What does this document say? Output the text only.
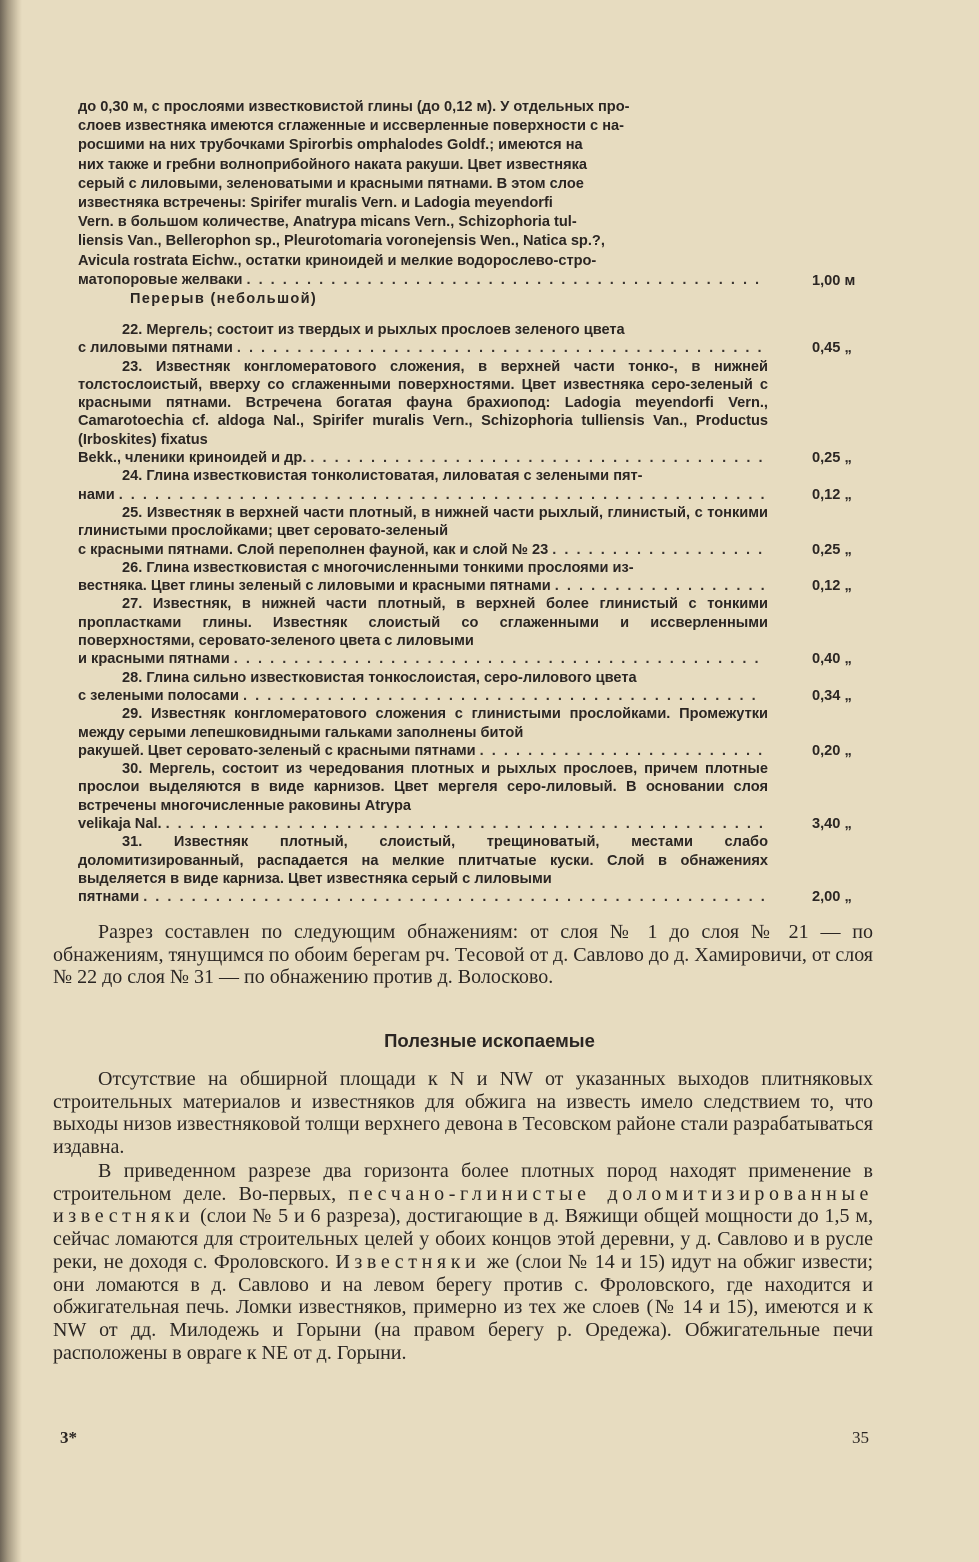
до 0,30 м, с прослоями известковистой глины (до 0,12 м). У отдельных про-

слоев известняка имеются сглаженные и иссверленные поверхности с на-

росшими на них трубочками Spirorbis omphalodes Goldf.; имеются на

них также и гребни волноприбойного наката ракуши. Цвет известняка

серый с лиловыми, зеленоватыми и красными пятнами. В этом слое

известняка встречены: Spirifer muralis Vern. и Ladogia meyendorfi

Vern. в большом количестве, Anatrypa micans Vern., Schizophoria tul-

liensis Van., Bellerophon sp., Pleurotomaria voronejensis Wen., Natica sp.?,

Avicula rostrata Eichw., остатки криноидей и мелкие водорослево-стро-

матопоровые желваки . . .	1,00 м
Перерыв (небольшой)

22. Мергель; состоит из твердых и рыхлых прослоев зеленого цвета

с лиловыми пятнами . . .	0,45 „

23. Известняк конгломератового сложения, в верхней части тонко-, в нижней толстослоистый, вверху со сглаженными поверхностями. Цвет известняка серо-зеленый с красными пятнами. Встречена богатая фауна брахиопод: Ladogia meyendorfi Vern., Camarotoechia cf. aldoga Nal., Spirifer muralis Vern., Schizophoria tulliensis Van., Productus (Irboskites) fixatus

Bekk., членики криноидей и др. . . .	0,25 „

24. Глина известковистая тонколистоватая, лиловатая с зелеными пят-

нами . . .	0,12 „

25. Известняк в верхней части плотный, в нижней части рыхлый, глинистый, с тонкими глинистыми прослойками; цвет серовато-зеленый

с красными пятнами. Слой переполнен фауной, как и слой № 23 . . .	0,25 „

26. Глина известковистая с многочисленными тонкими прослоями из-

вестняка. Цвет глины зеленый с лиловыми и красными пятнами . . .	0,12 „

27. Известняк, в нижней части плотный, в верхней более глинистый с тонкими пропластками глины. Известняк слоистый со сглаженными и иссверленными поверхностями, серовато-зеленого цвета с лиловыми

и красными пятнами . . .	0,40 „

28. Глина сильно известковистая тонкослоистая, серо-лилового цвета

с зелеными полосами . . .	0,34 „

29. Известняк конгломератового сложения с глинистыми прослойками. Промежутки между серыми лепешковидными гальками заполнены битой

ракушей. Цвет серовато-зеленый с красными пятнами . . .	0,20 „

30. Мергель, состоит из чередования плотных и рыхлых прослоев, причем плотные прослои выделяются в виде карнизов. Цвет мергеля серо-лиловый. В основании слоя встречены многочисленные раковины Atrypa

velikaja Nal. . . .	3,40 „

31. Известняк плотный, слоистый, трещиноватый, местами слабо доломитизированный, распадается на мелкие плитчатые куски. Слой в обнажениях выделяется в виде карниза. Цвет известняка серый с лиловыми

пятнами . . .	2,00 „

Разрез составлен по следующим обнажениям: от слоя № 1 до слоя № 21 — по обнажениям, тянущимся по обоим берегам рч. Тесовой от д. Савлово до д. Хамировичи, от слоя № 22 до слоя № 31 — по обнажению против д. Волосково.

Полезные ископаемые

Отсутствие на обширной площади к N и NW от указанных выходов плитняковых строительных материалов и известняков для обжига на известь имело следствием то, что выходы низов известняковой толщи верхнего девона в Тесовском районе стали разрабатываться издавна.

В приведенном разрезе два горизонта более плотных пород находят применение в строительном деле. Во-первых, песчано-глинистые доломитизированные известняки (слои № 5 и 6 разреза), достигающие в д. Вяжищи общей мощности до 1,5 м, сейчас ломаются для строительных целей у обоих концов этой деревни, у д. Савлово и в русле реки, не доходя с. Фроловского. Известняки же (слои № 14 и 15) идут на обжиг извести; они ломаются в д. Савлово и на левом берегу против с. Фроловского, где находится и обжигательная печь. Ломки известняков, примерно из тех же слоев (№ 14 и 15), имеются и к NW от дд. Милодежь и Горыни (на правом берегу р. Оредежа). Обжигательные печи расположены в овраге к NE от д. Горыни.

3*	35
